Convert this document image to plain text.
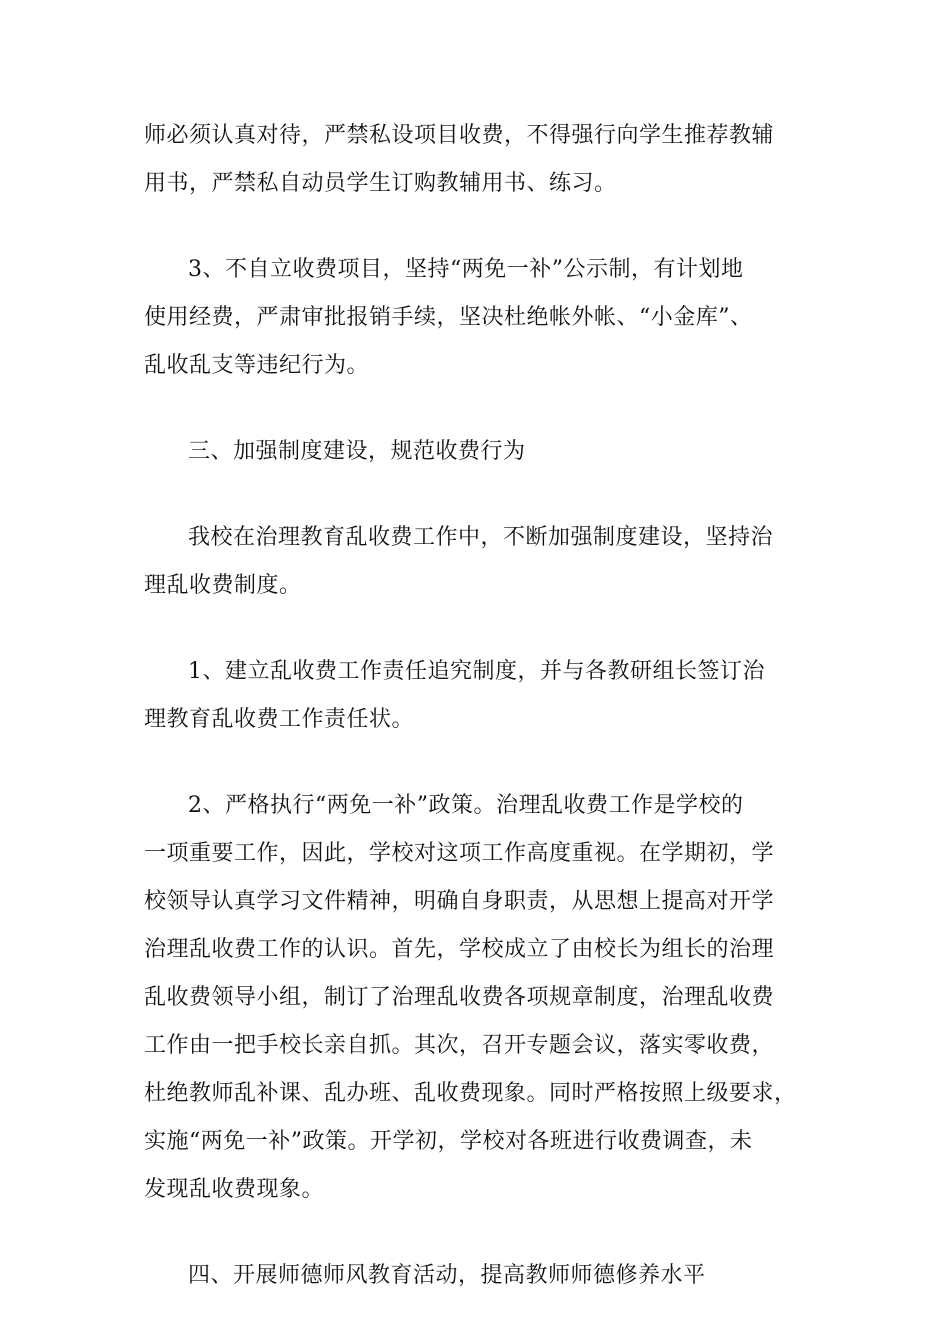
师必须认真对待，严禁私设项目收费，不得强行向学生推荐教辅
用书，严禁私自动员学生订购教辅用书、练习。

3、不自立收费项目，坚持“两免一补”公示制，有计划地
使用经费，严肃审批报销手续，坚决杜绝帐外帐、“小金库”、
乱收乱支等违纪行为。

三、加强制度建设，规范收费行为

我校在治理教育乱收费工作中，不断加强制度建设，坚持治
理乱收费制度。

1、建立乱收费工作责任追究制度，并与各教研组长签订治
理教育乱收费工作责任状。

2、严格执行“两免一补”政策。治理乱收费工作是学校的
一项重要工作，因此，学校对这项工作高度重视。在学期初，学
校领导认真学习文件精神，明确自身职责，从思想上提高对开学
治理乱收费工作的认识。首先，学校成立了由校长为组长的治理
乱收费领导小组，制订了治理乱收费各项规章制度，治理乱收费
工作由一把手校长亲自抓。其次，召开专题会议，落实零收费，
杜绝教师乱补课、乱办班、乱收费现象。同时严格按照上级要求，
实施“两免一补”政策。开学初，学校对各班进行收费调查，未
发现乱收费现象。

四、开展师德师风教育活动，提高教师师德修养水平
